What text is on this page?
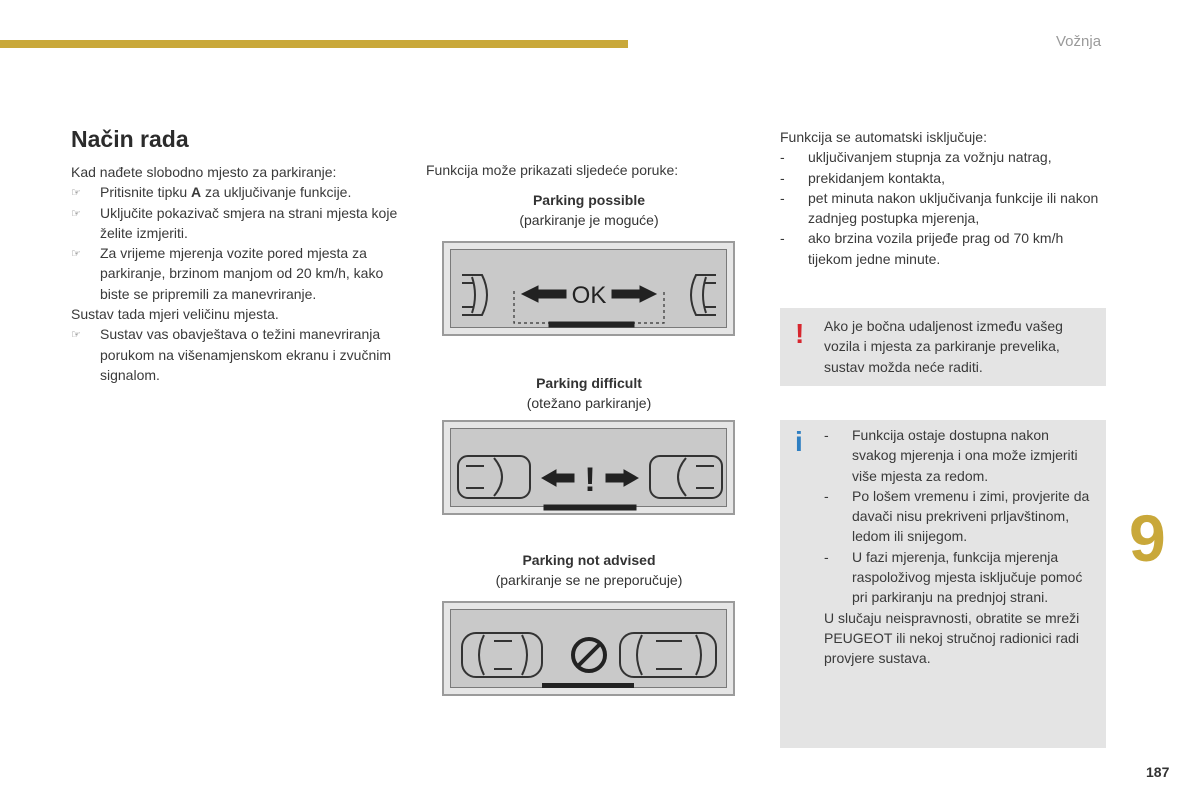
Vožnja
Način rada

Kad nađete slobodno mjesto za parkiranje:

☞ Pritisnite tipku A za uključivanje funkcije.

☞ Uključite pokazivač smjera na strani mjesta koje želite izmjeriti.

☞ Za vrijeme mjerenja vozite pored mjesta za parkiranje, brzinom manjom od 20 km/h, kako biste se pripremili za manevriranje.

Sustav tada mjeri veličinu mjesta.

☞ Sustav vas obavještava o težini manevriranja porukom na višenamjenskom ekranu i zvučnim signalom.

Funkcija može prikazati sljedeće poruke:
Parking possible
(parkiranje je moguće)
OK
Parking difficult
(otežano parkiranje)
!
Parking not advised
(parkiranje se ne preporučuje)

Funkcija se automatski isključuje:

- uključivanjem stupnja za vožnju natrag,

- prekidanjem kontakta,

- pet minuta nakon uključivanja funkcije ili nakon zadnjeg postupka mjerenja,

- ako brzina vozila prijeđe prag od 70 km/h tijekom jedne minute.

! Ako je bočna udaljenost između vašeg vozila i mjesta za parkiranje prevelika, sustav možda neće raditi.
i - Funkcija ostaje dostupna nakon svakog mjerenja i ona može izmjeriti više mjesta za redom.

- Po lošem vremenu i zimi, provjerite da davači nisu prekriveni prljavštinom, ledom ili snijegom.

- U fazi mjerenja, funkcija mjerenja raspoloživog mjesta isključuje pomoć pri parkiranju na prednjoj strani.

U slučaju neispravnosti, obratite se mreži PEUGEOT ili nekoj stručnoj radionici radi provjere sustava.

9
187
